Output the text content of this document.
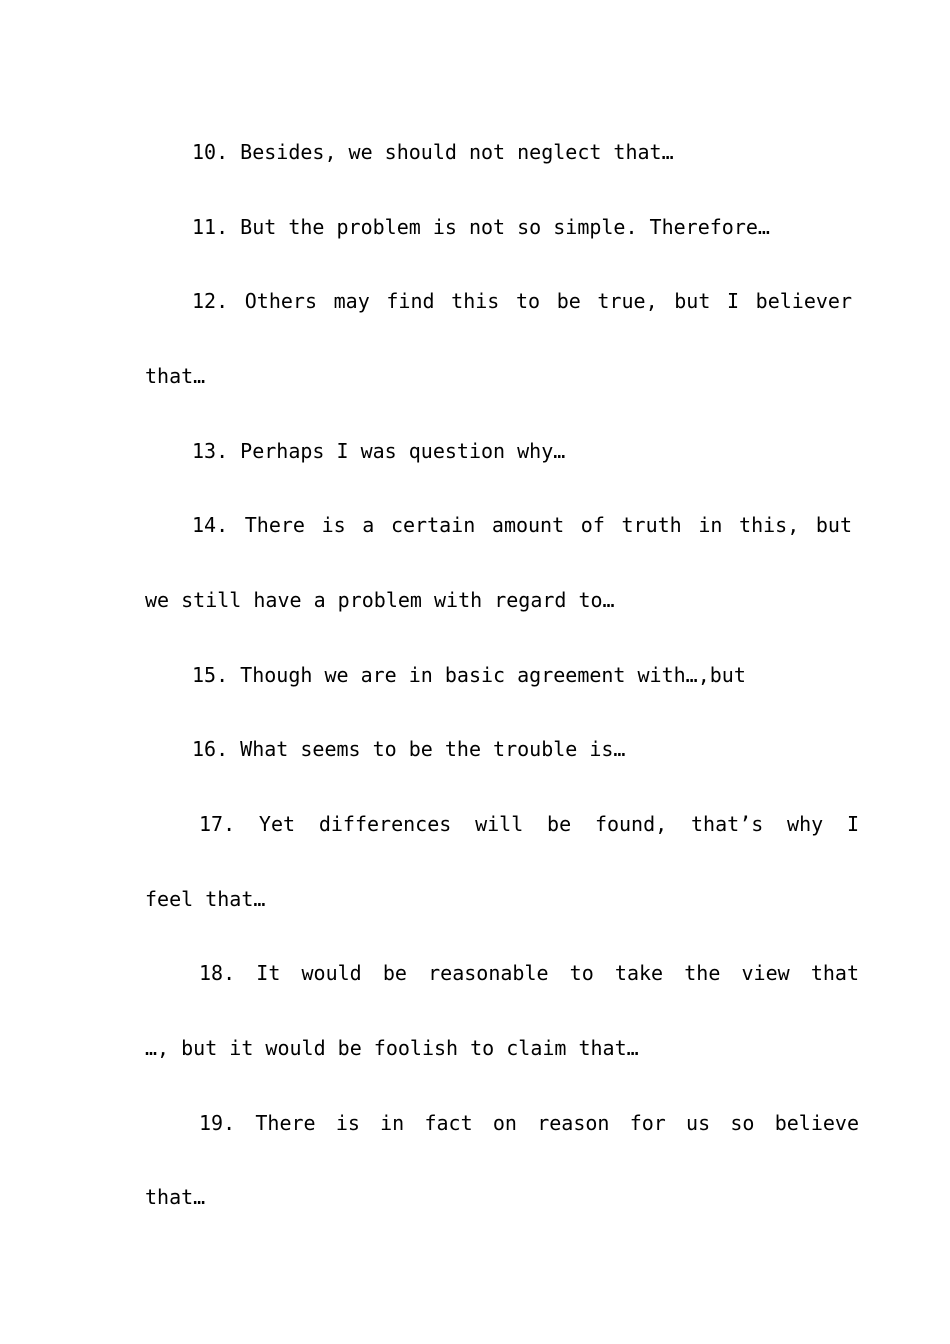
10. Besides, we should not neglect that…
11. But the problem is not so simple. Therefore…
12. Others may find this to be true, but I believer
that…
13. Perhaps I was question why…
14. There is a certain amount of truth in this, but
we still have a problem with regard to…
15. Though we are in basic agreement with…,but
16. What seems to be the trouble is…
17. Yet differences will be found, that’s why I
feel that…
18. It would be reasonable to take the view that
…, but it would be foolish to claim that…
19. There is in fact on reason for us so believe
that…
